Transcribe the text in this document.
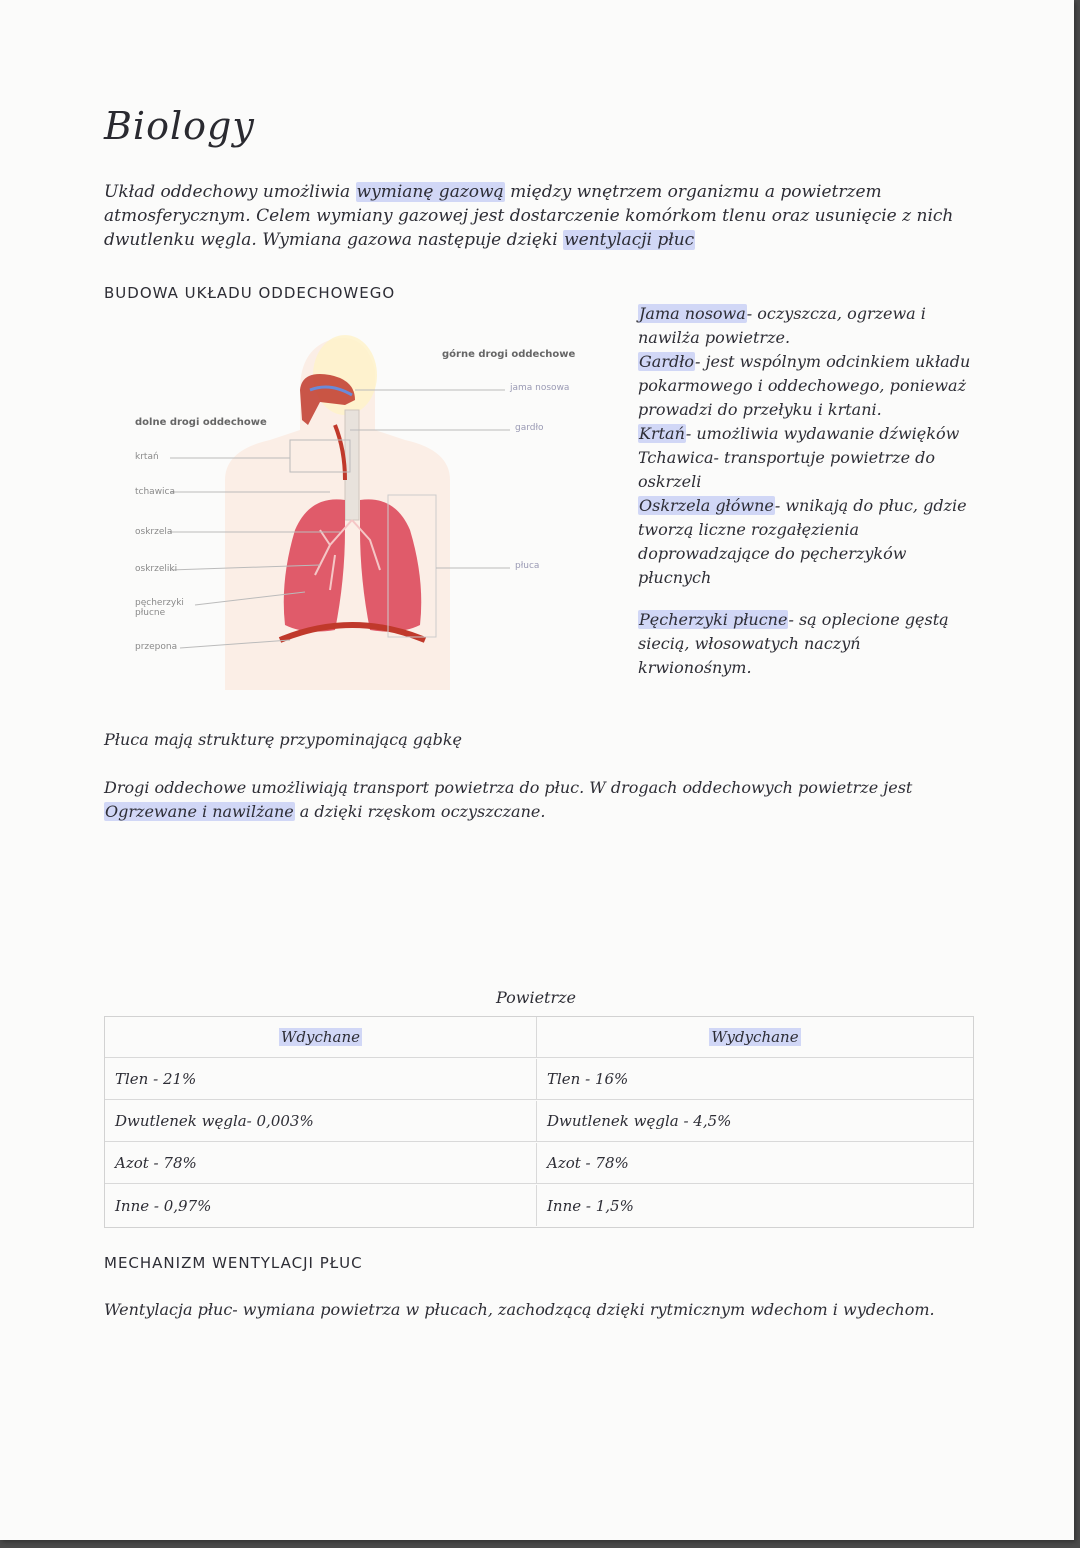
Biology

Układ oddechowy umożliwia wymianę gazową między wnętrzem organizmu a powietrzem atmosferycznym. Celem wymiany gazowej jest dostarczenie komórkom tlenu oraz usunięcie z nich dwutlenku węgla. Wymiana gazowa następuje dzięki wentylacji płuc

BUDOWA UKŁADU ODDECHOWEGO
górne drogi oddechowe
dolne drogi oddechowe
krtań
tchawica
oskrzela
oskrzeliki
pęcherzyki płucne
przepona
jama nosowa
gardło
płuca

Jama nosowa- oczyszcza, ogrzewa i nawilża powietrze.

Gardło- jest wspólnym odcinkiem układu pokarmowego i oddechowego, ponieważ prowadzi do przełyku i krtani.

Krtań- umożliwia wydawanie dźwięków

Tchawica- transportuje powietrze do oskrzeli

Oskrzela główne- wnikają do płuc, gdzie tworzą liczne rozgałęzienia doprowadzające do pęcherzyków płucnych

Pęcherzyki płucne- są oplecione gęstą siecią, włosowatych naczyń krwionośnym.

Płuca mają strukturę przypominającą gąbkę

Drogi oddechowe umożliwiają transport powietrza do płuc. W drogach oddechowych powietrze jest Ogrzewane i nawilżane a dzięki rzęskom oczyszczane.

Powietrze
Wdychane	Wydychane
Tlen - 21%	Tlen - 16%
Dwutlenek węgla- 0,003%	Dwutlenek węgla - 4,5%
Azot - 78%	Azot - 78%
Inne - 0,97%	Inne - 1,5%
MECHANIZM WENTYLACJI PŁUC

Wentylacja płuc- wymiana powietrza w płucach, zachodzącą dzięki rytmicznym wdechom i wydechom.
